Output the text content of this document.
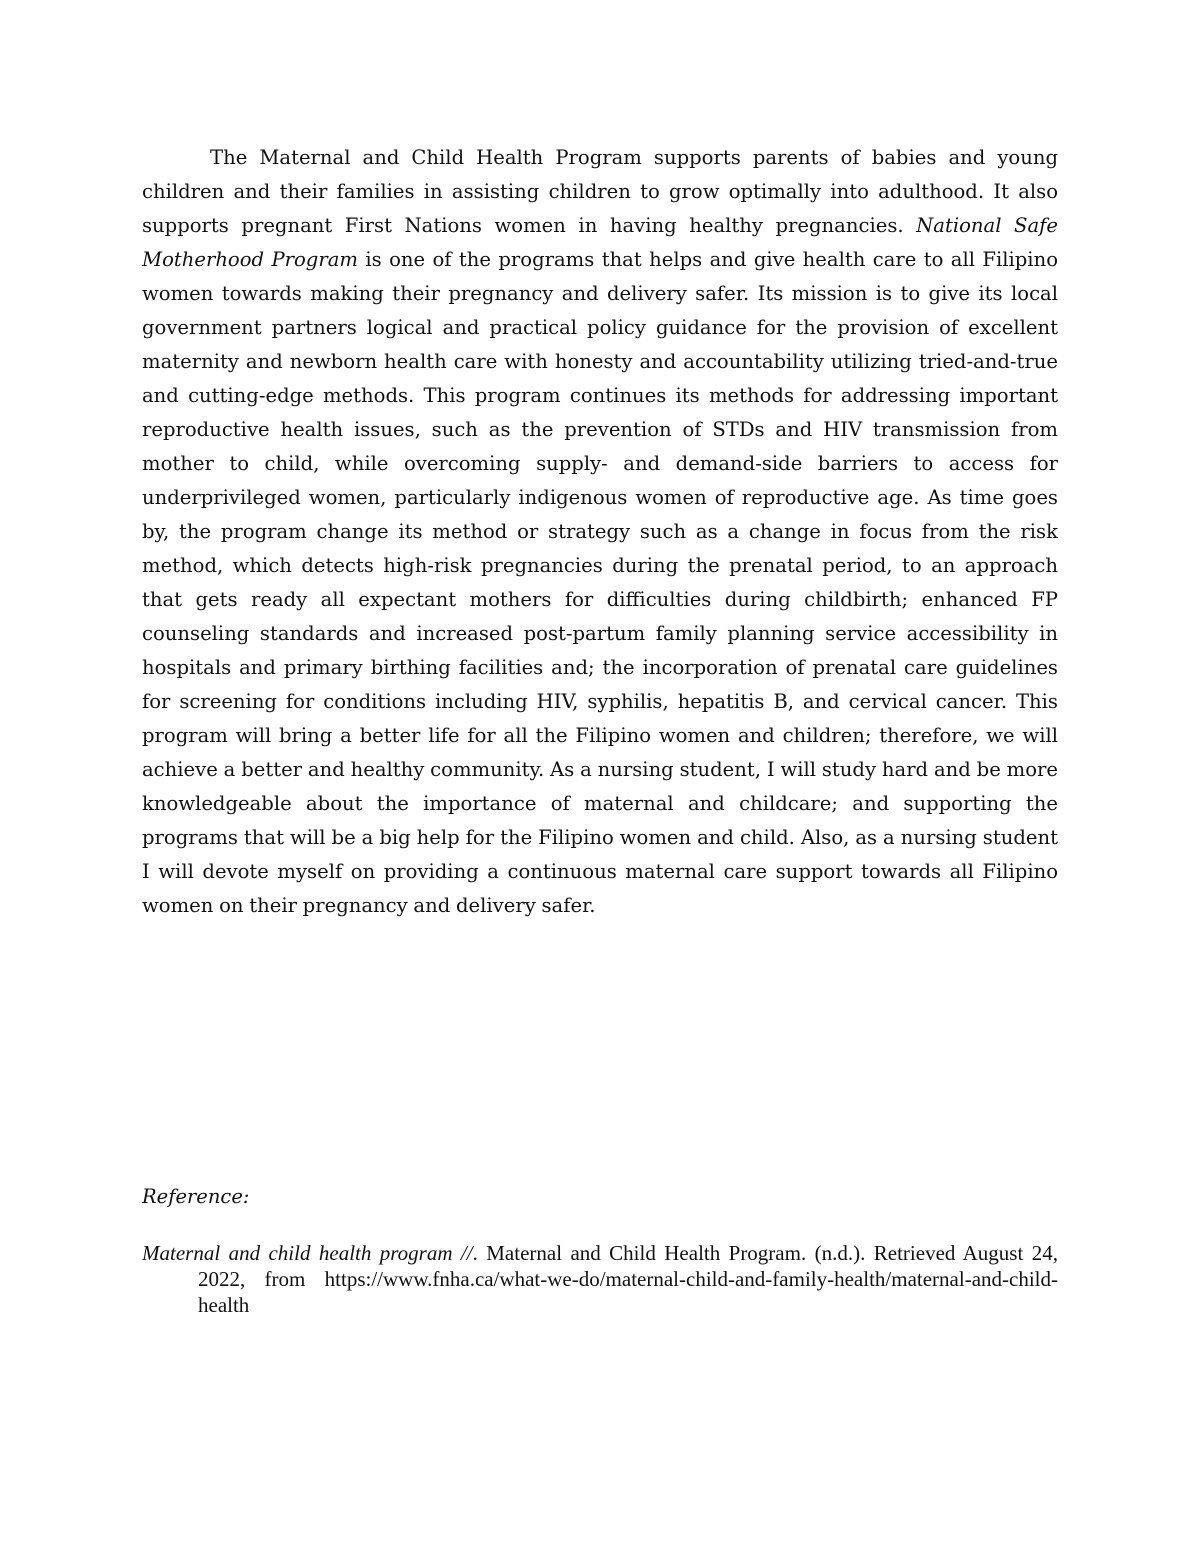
The Maternal and Child Health Program supports parents of babies and young children and their families in assisting children to grow optimally into adulthood. It also supports pregnant First Nations women in having healthy pregnancies. National Safe Motherhood Program is one of the programs that helps and give health care to all Filipino women towards making their pregnancy and delivery safer. Its mission is to give its local government partners logical and practical policy guidance for the provision of excellent maternity and newborn health care with honesty and accountability utilizing tried-and-true and cutting-edge methods. This program continues its methods for addressing important reproductive health issues, such as the prevention of STDs and HIV transmission from mother to child, while overcoming supply- and demand-side barriers to access for underprivileged women, particularly indigenous women of reproductive age. As time goes by, the program change its method or strategy such as a change in focus from the risk method, which detects high-risk pregnancies during the prenatal period, to an approach that gets ready all expectant mothers for difficulties during childbirth; enhanced FP counseling standards and increased post-partum family planning service accessibility in hospitals and primary birthing facilities and; the incorporation of prenatal care guidelines for screening for conditions including HIV, syphilis, hepatitis B, and cervical cancer. This program will bring a better life for all the Filipino women and children; therefore, we will achieve a better and healthy community. As a nursing student, I will study hard and be more knowledgeable about the importance of maternal and childcare; and supporting the programs that will be a big help for the Filipino women and child. Also, as a nursing student I will devote myself on providing a continuous maternal care support towards all Filipino women on their pregnancy and delivery safer.

Reference:

Maternal and child health program //. Maternal and Child Health Program. (n.d.). Retrieved August 24, 2022, from https://www.fnha.ca/what-we-do/maternal-child-and-family-health/maternal-and-child-health
